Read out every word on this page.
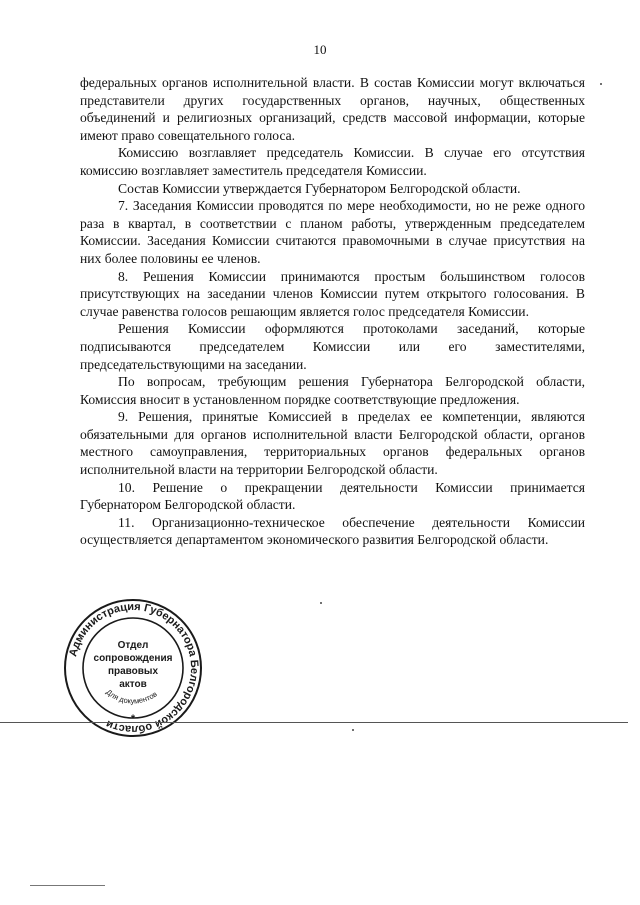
10

федеральных органов исполнительной власти. В состав Комиссии могут включаться представители других государственных органов, научных, общественных объединений и религиозных организаций, средств массовой информации, которые имеют право совещательного голоса.

Комиссию возглавляет председатель Комиссии. В случае его отсутствия комиссию возглавляет заместитель председателя Комиссии.

Состав Комиссии утверждается Губернатором Белгородской области.

7. Заседания Комиссии проводятся по мере необходимости, но не реже одного раза в квартал, в соответствии с планом работы, утвержденным председателем Комиссии. Заседания Комиссии считаются правомочными в случае присутствия на них более половины ее членов.

8. Решения Комиссии принимаются простым большинством голосов присутствующих на заседании членов Комиссии путем открытого голосования. В случае равенства голосов решающим является голос председателя Комиссии.

Решения Комиссии оформляются протоколами заседаний, которые подписываются председателем Комиссии или его заместителями, председательствующими на заседании.

По вопросам, требующим решения Губернатора Белгородской области, Комиссия вносит в установленном порядке соответствующие предложения.

9. Решения, принятые Комиссией в пределах ее компетенции, являются обязательными для органов исполнительной власти Белгородской области, органов местного самоуправления, территориальных органов федеральных органов исполнительной власти на территории Белгородской области.

10. Решение о прекращении деятельности Комиссии принимается Губернатором Белгородской области.

11. Организационно-техническое обеспечение деятельности Комиссии осуществляется департаментом экономического развития Белгородской области.

Администрация Губернатора Белгородской области
Для документов
Отдел
сопровождения
правовых
актов
*
